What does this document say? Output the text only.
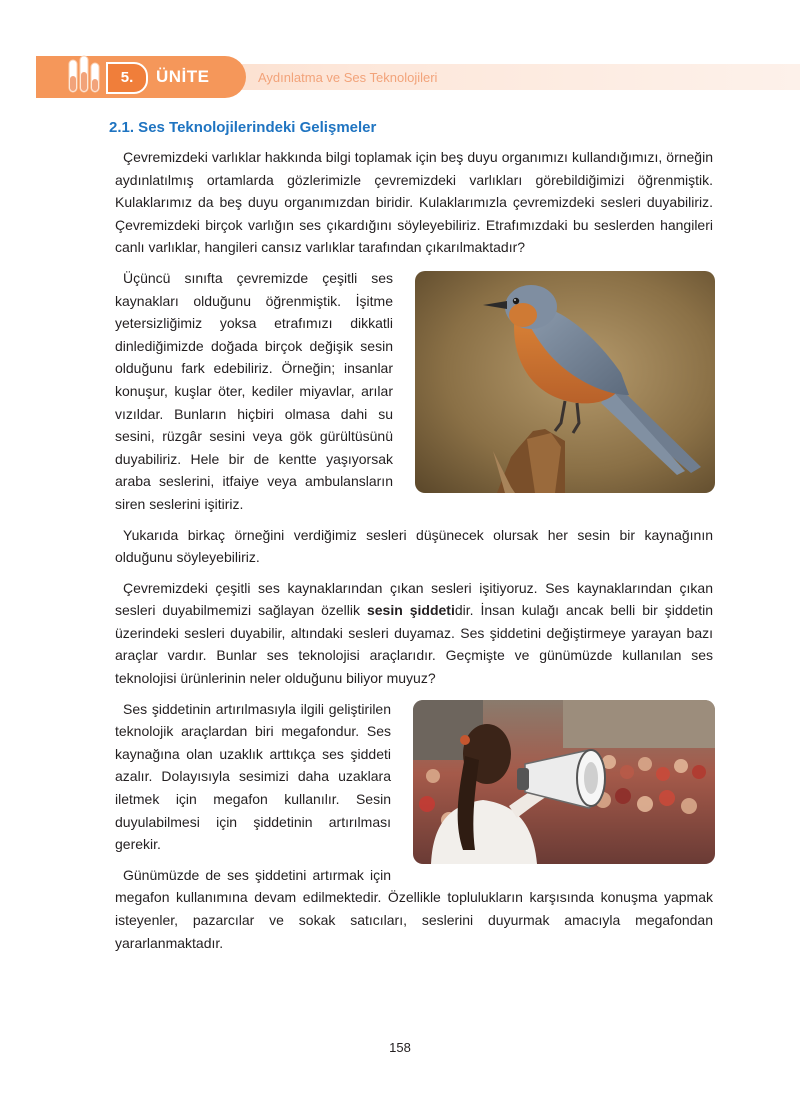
5.	ÜNİTE	Aydınlatma ve Ses Teknolojileri
2.1. Ses Teknolojilerindeki Gelişmeler

Çevremizdeki varlıklar hakkında bilgi toplamak için beş duyu organımızı kullandığımızı, örneğin aydınlatılmış ortamlarda gözlerimizle çevremizdeki varlıkları görebildiğimizi öğrenmiştik. Kulaklarımız da beş duyu organımızdan biridir. Kulaklarımızla çevremizdeki sesleri duyabiliriz. Çevremizdeki birçok varlığın ses çıkardığını söyleyebiliriz. Etrafımızdaki bu seslerden hangileri canlı varlıklar, hangileri cansız varlıklar tarafından çıkarılmaktadır?

Üçüncü sınıfta çevremizde çeşitli ses kaynakları olduğunu öğrenmiştik. İşitme yetersizliğimiz yoksa etrafımızı dikkatli dinlediğimizde doğada birçok değişik sesin olduğunu fark edebiliriz. Örneğin; insanlar konuşur, kuşlar öter, kediler miyavlar, arılar vızıldar. Bunların hiçbiri olmasa dahi su sesini, rüzgâr sesini veya gök gürültüsünü duyabiliriz. Hele bir de kentte yaşıyorsak araba seslerini, itfaiye veya ambulansların siren seslerini işitiriz.

Yukarıda birkaç örneğini verdiğimiz sesleri düşünecek olursak her sesin bir kaynağının olduğunu söyleyebiliriz.

Çevremizdeki çeşitli ses kaynaklarından çıkan sesleri işitiyoruz. Ses kaynaklarından çıkan sesleri duyabilmemizi sağlayan özellik sesin şiddetidir. İnsan kulağı ancak belli bir şiddetin üzerindeki sesleri duyabilir, altındaki sesleri duyamaz. Ses şiddetini değiştirmeye yarayan bazı araçlar vardır. Bunlar ses teknolojisi araçlarıdır. Geçmişte ve günümüzde kullanılan ses teknolojisi ürünlerinin neler olduğunu biliyor muyuz?

Ses şiddetinin artırılmasıyla ilgili geliştirilen teknolojik araçlardan biri megafondur. Ses kaynağına olan uzaklık arttıkça ses şiddeti azalır. Dolayısıyla sesimizi daha uzaklara iletmek için megafon kullanılır. Sesin duyulabilmesi için şiddetinin artırılması gerekir.

Günümüzde de ses şiddetini artırmak için megafon kullanımına devam edilmektedir. Özellikle toplulukların karşısında konuşma yapmak isteyenler, pazarcılar ve sokak satıcıları, seslerini duyurmak amacıyla megafondan yararlanmaktadır.

158
